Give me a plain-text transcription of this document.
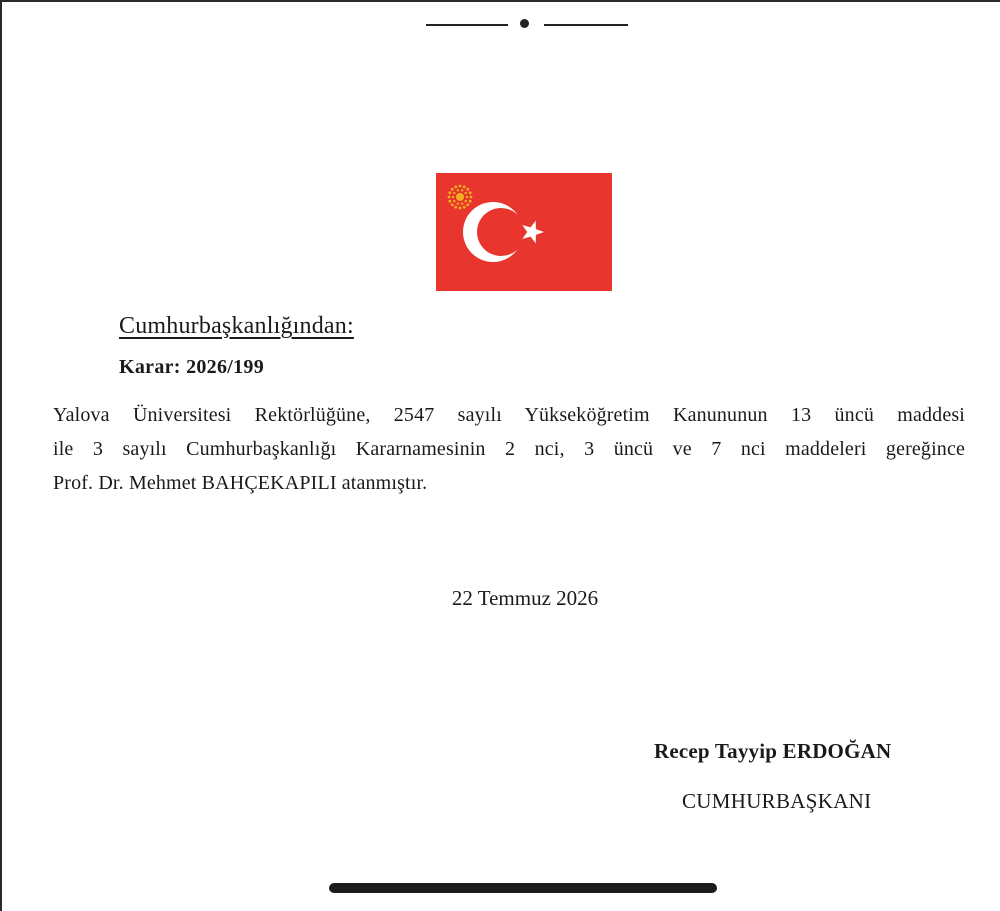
Cumhurbaşkanlığından:
Karar: 2026/199
Yalova Üniversitesi Rektörlüğüne, 2547 sayılı Yükseköğretim Kanununun 13 üncü maddesi
ile 3 sayılı Cumhurbaşkanlığı Kararnamesinin 2 nci, 3 üncü ve 7 nci maddeleri gereğince
Prof. Dr. Mehmet BAHÇEKAPILI atanmıştır.
22 Temmuz 2026
Recep Tayyip ERDOĞAN
CUMHURBAŞKANI
